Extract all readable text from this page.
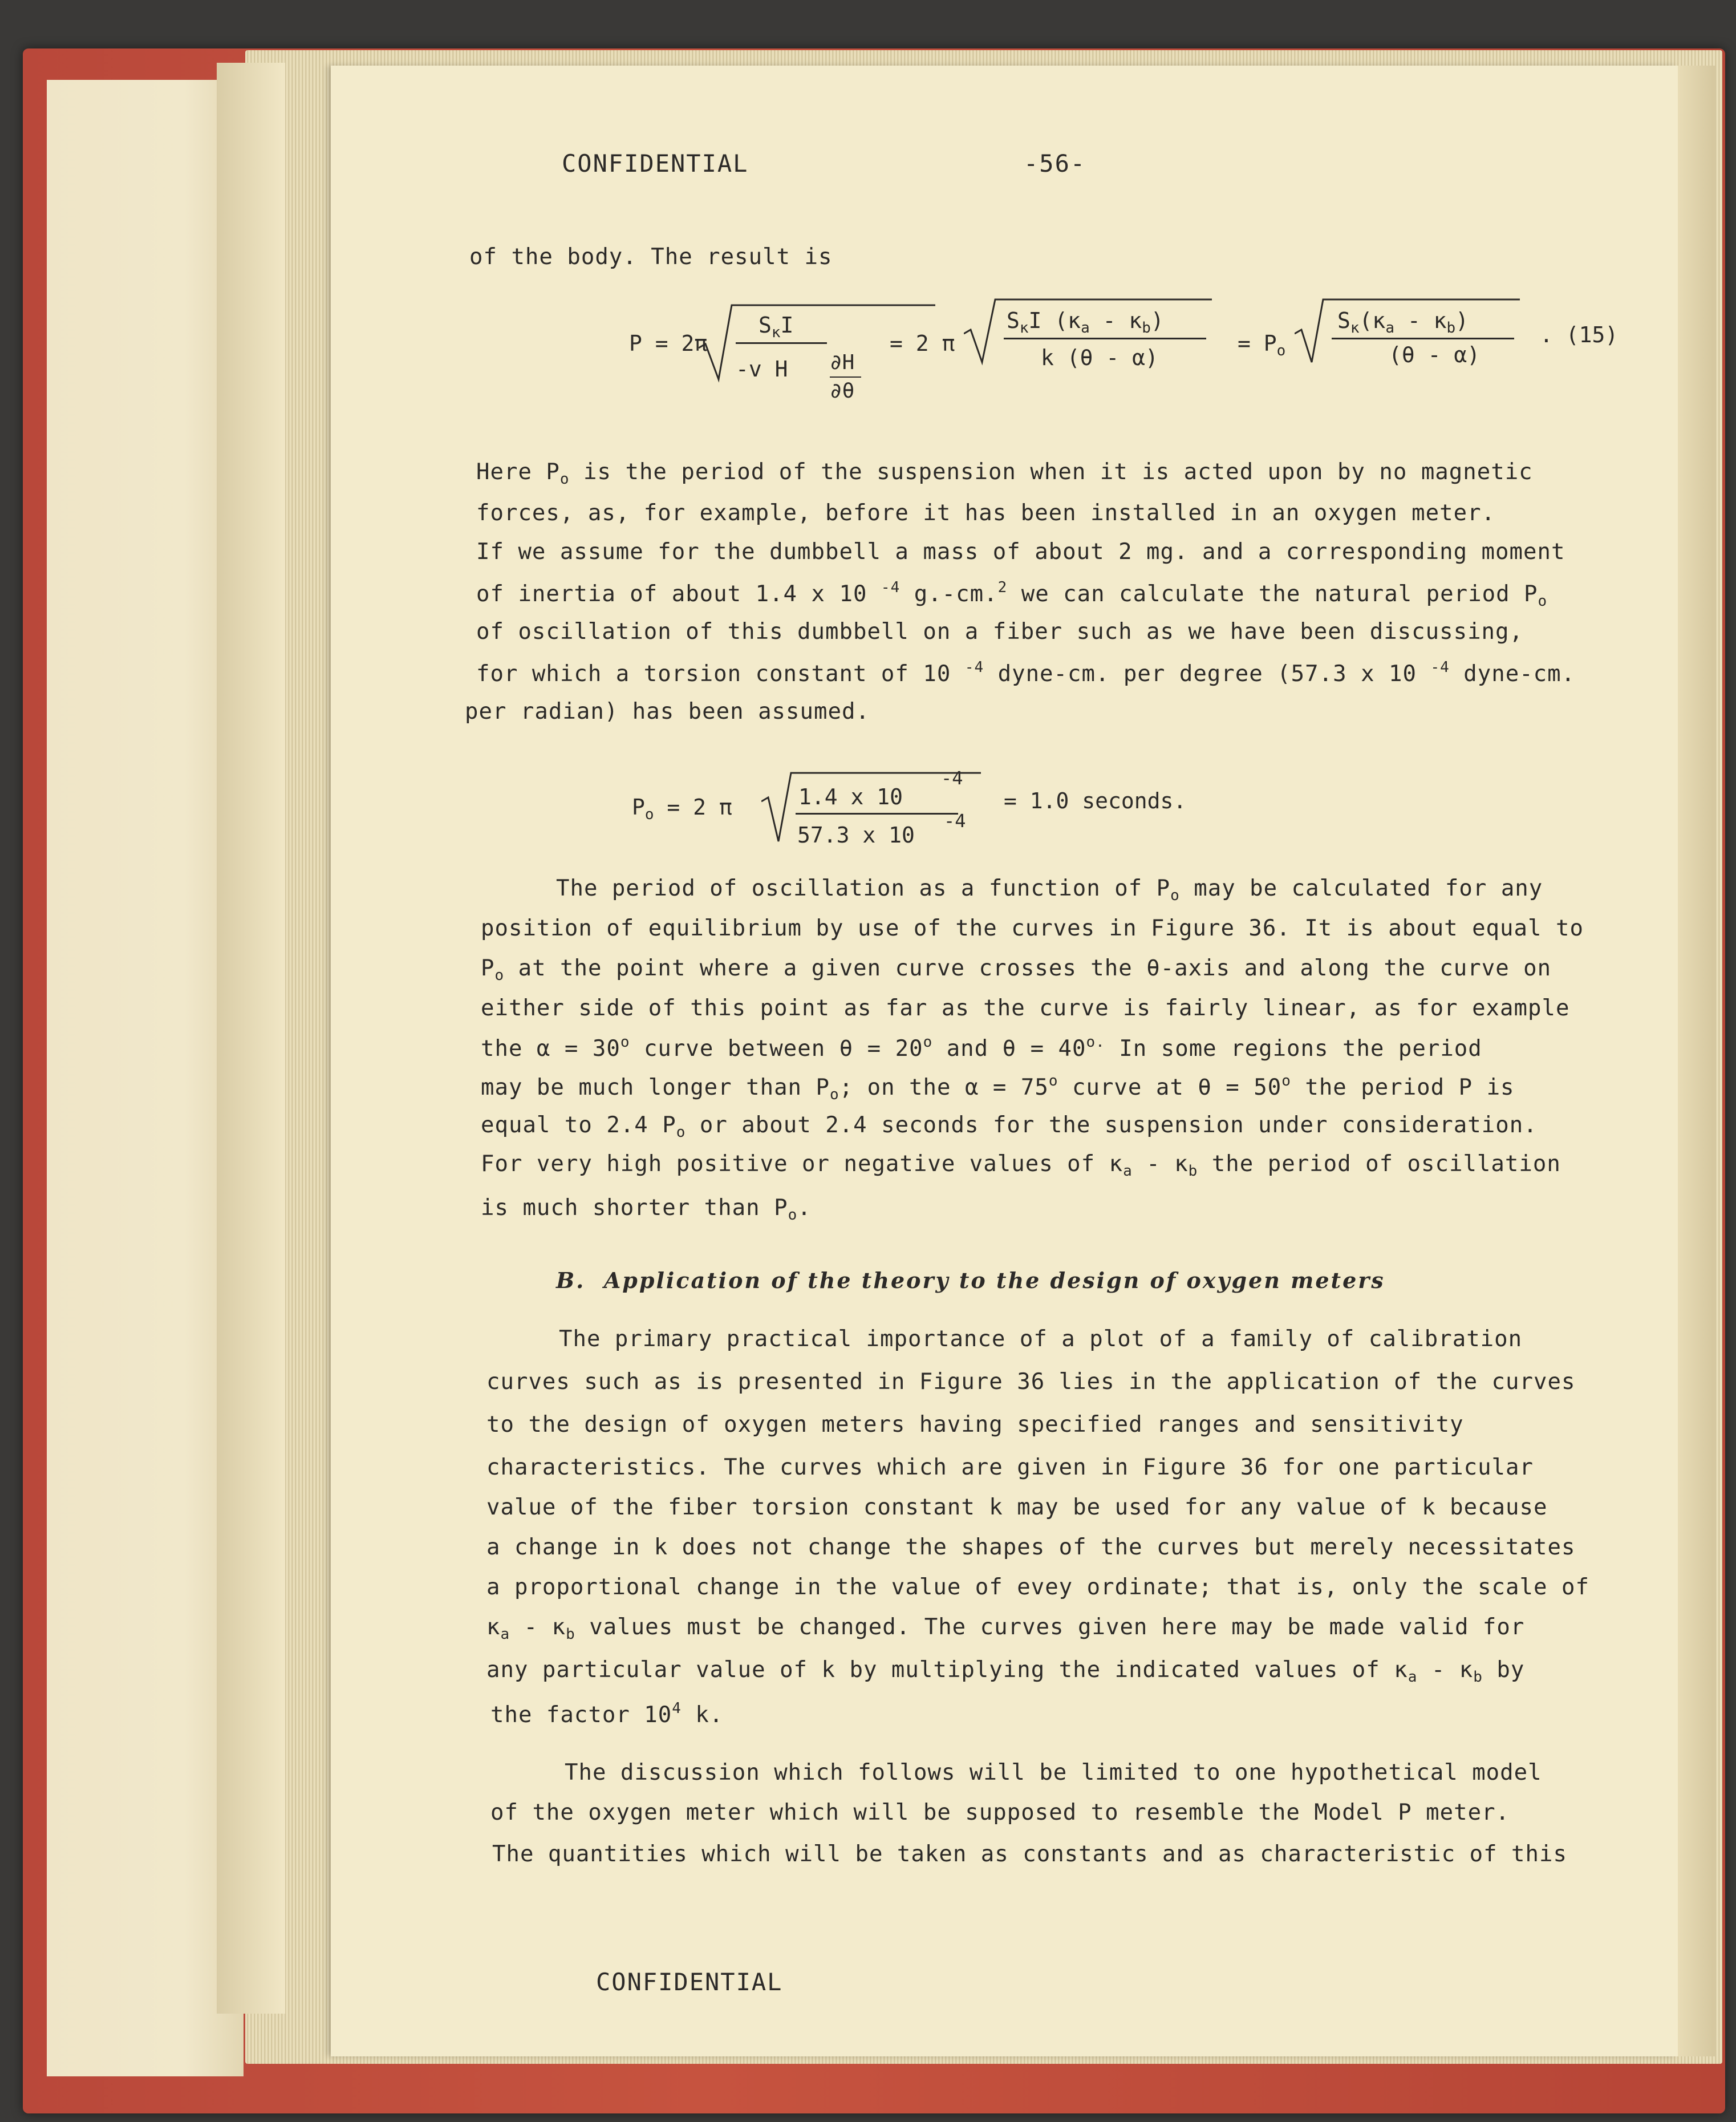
CONFIDENTIAL	-56-
of the body. The result is
P = 2π
$S_\kappa I$
-v H ∂H
∂θ
= 2 π
$S_\kappa I$ $(\kappa_a - \kappa_b)$
k (θ - α)
= $P_o$
$S_\kappa(\kappa_a - \kappa_b)$
(θ - α)
. (15)
Here $P_o$ is the period of the suspension when it is acted upon by no magnetic
forces, as, for example, before it has been installed in an oxygen meter.
If we assume for the dumbbell a mass of about 2 mg. and a corresponding moment
of inertia of about 1.4 x 10 $^{-4}$ g.-cm.$^2$ we can calculate the natural period $P_o$
of oscillation of this dumbbell on a fiber such as we have been discussing,
for which a torsion constant of 10 $^{-4}$ dyne-cm. per degree (57.3 x 10 $^{-4}$ dyne-cm.
per radian) has been assumed.
$P_o = 2$ π	1.4 x 10
-4
57.3 x 10
-4
= 1.0 seconds.
The period of oscillation as a function of $P_o$ may be calculated for any
position of equilibrium by use of the curves in Figure 36. It is about equal to
$P_o$ at the point where a given curve crosses the θ-axis and along the curve on
either side of this point as far as the curve is fairly linear, as for example
the $\alpha = 30^o$ curve between $\theta = 20^o$ and $\theta = 40^{o.}$ In some regions the period
may be much longer than $P_o$; on the $\alpha = 75^o$ curve at $\theta = 50^o$ the period P is
equal to 2.4 $P_o$ or about 2.4 seconds for the suspension under consideration.
For very high positive or negative values of $\kappa_a - \kappa_b$ the period of oscillation
is much shorter than $P_o$.
B. Application of the theory to the design of oxygen meters
The primary practical importance of a plot of a family of calibration
curves such as is presented in Figure 36 lies in the application of the curves
to the design of oxygen meters having specified ranges and sensitivity
characteristics. The curves which are given in Figure 36 for one particular
value of the fiber torsion constant k may be used for any value of k because
a change in k does not change the shapes of the curves but merely necessitates
a proportional change in the value of evey ordinate; that is, only the scale of
$\kappa_a - \kappa_b$ values must be changed. The curves given here may be made valid for
any particular value of k by multiplying the indicated values of $\kappa_a - \kappa_b$ by
the factor $10^4$ k.
The discussion which follows will be limited to one hypothetical model
of the oxygen meter which will be supposed to resemble the Model P meter.
The quantities which will be taken as constants and as characteristic of this
CONFIDENTIAL
